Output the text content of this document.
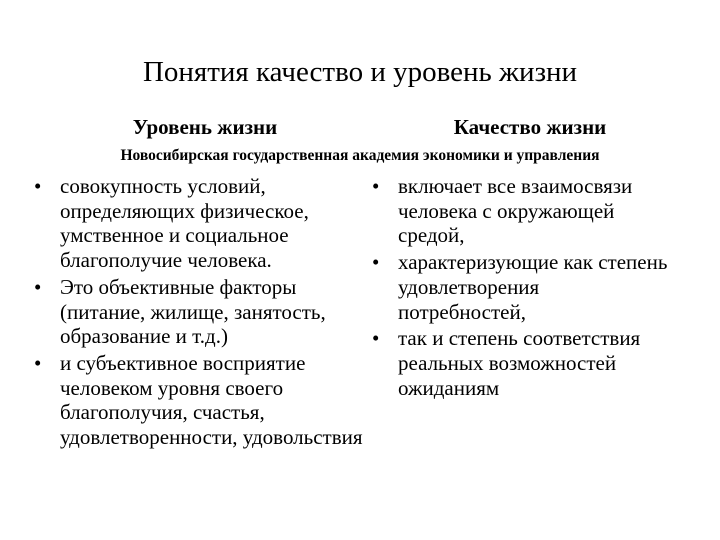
Понятия качество и уровень жизни
Уровень жизни	Качество жизни
Новосибирская государственная академия экономики и управления
• совокупность условий, определяющих физическое, умственное и социальное благополучие человека.
• Это объективные факторы (питание, жилище, занятость, образование и т.д.)
• и субъективное восприятие человеком уровня своего благополучия, счастья, удовлетворенности, удовольствия
• включает все взаимосвязи человека с окружающей средой,
• характеризующие как степень удовлетворения потребностей,
• так и степень соответствия реальных возможностей ожиданиям
